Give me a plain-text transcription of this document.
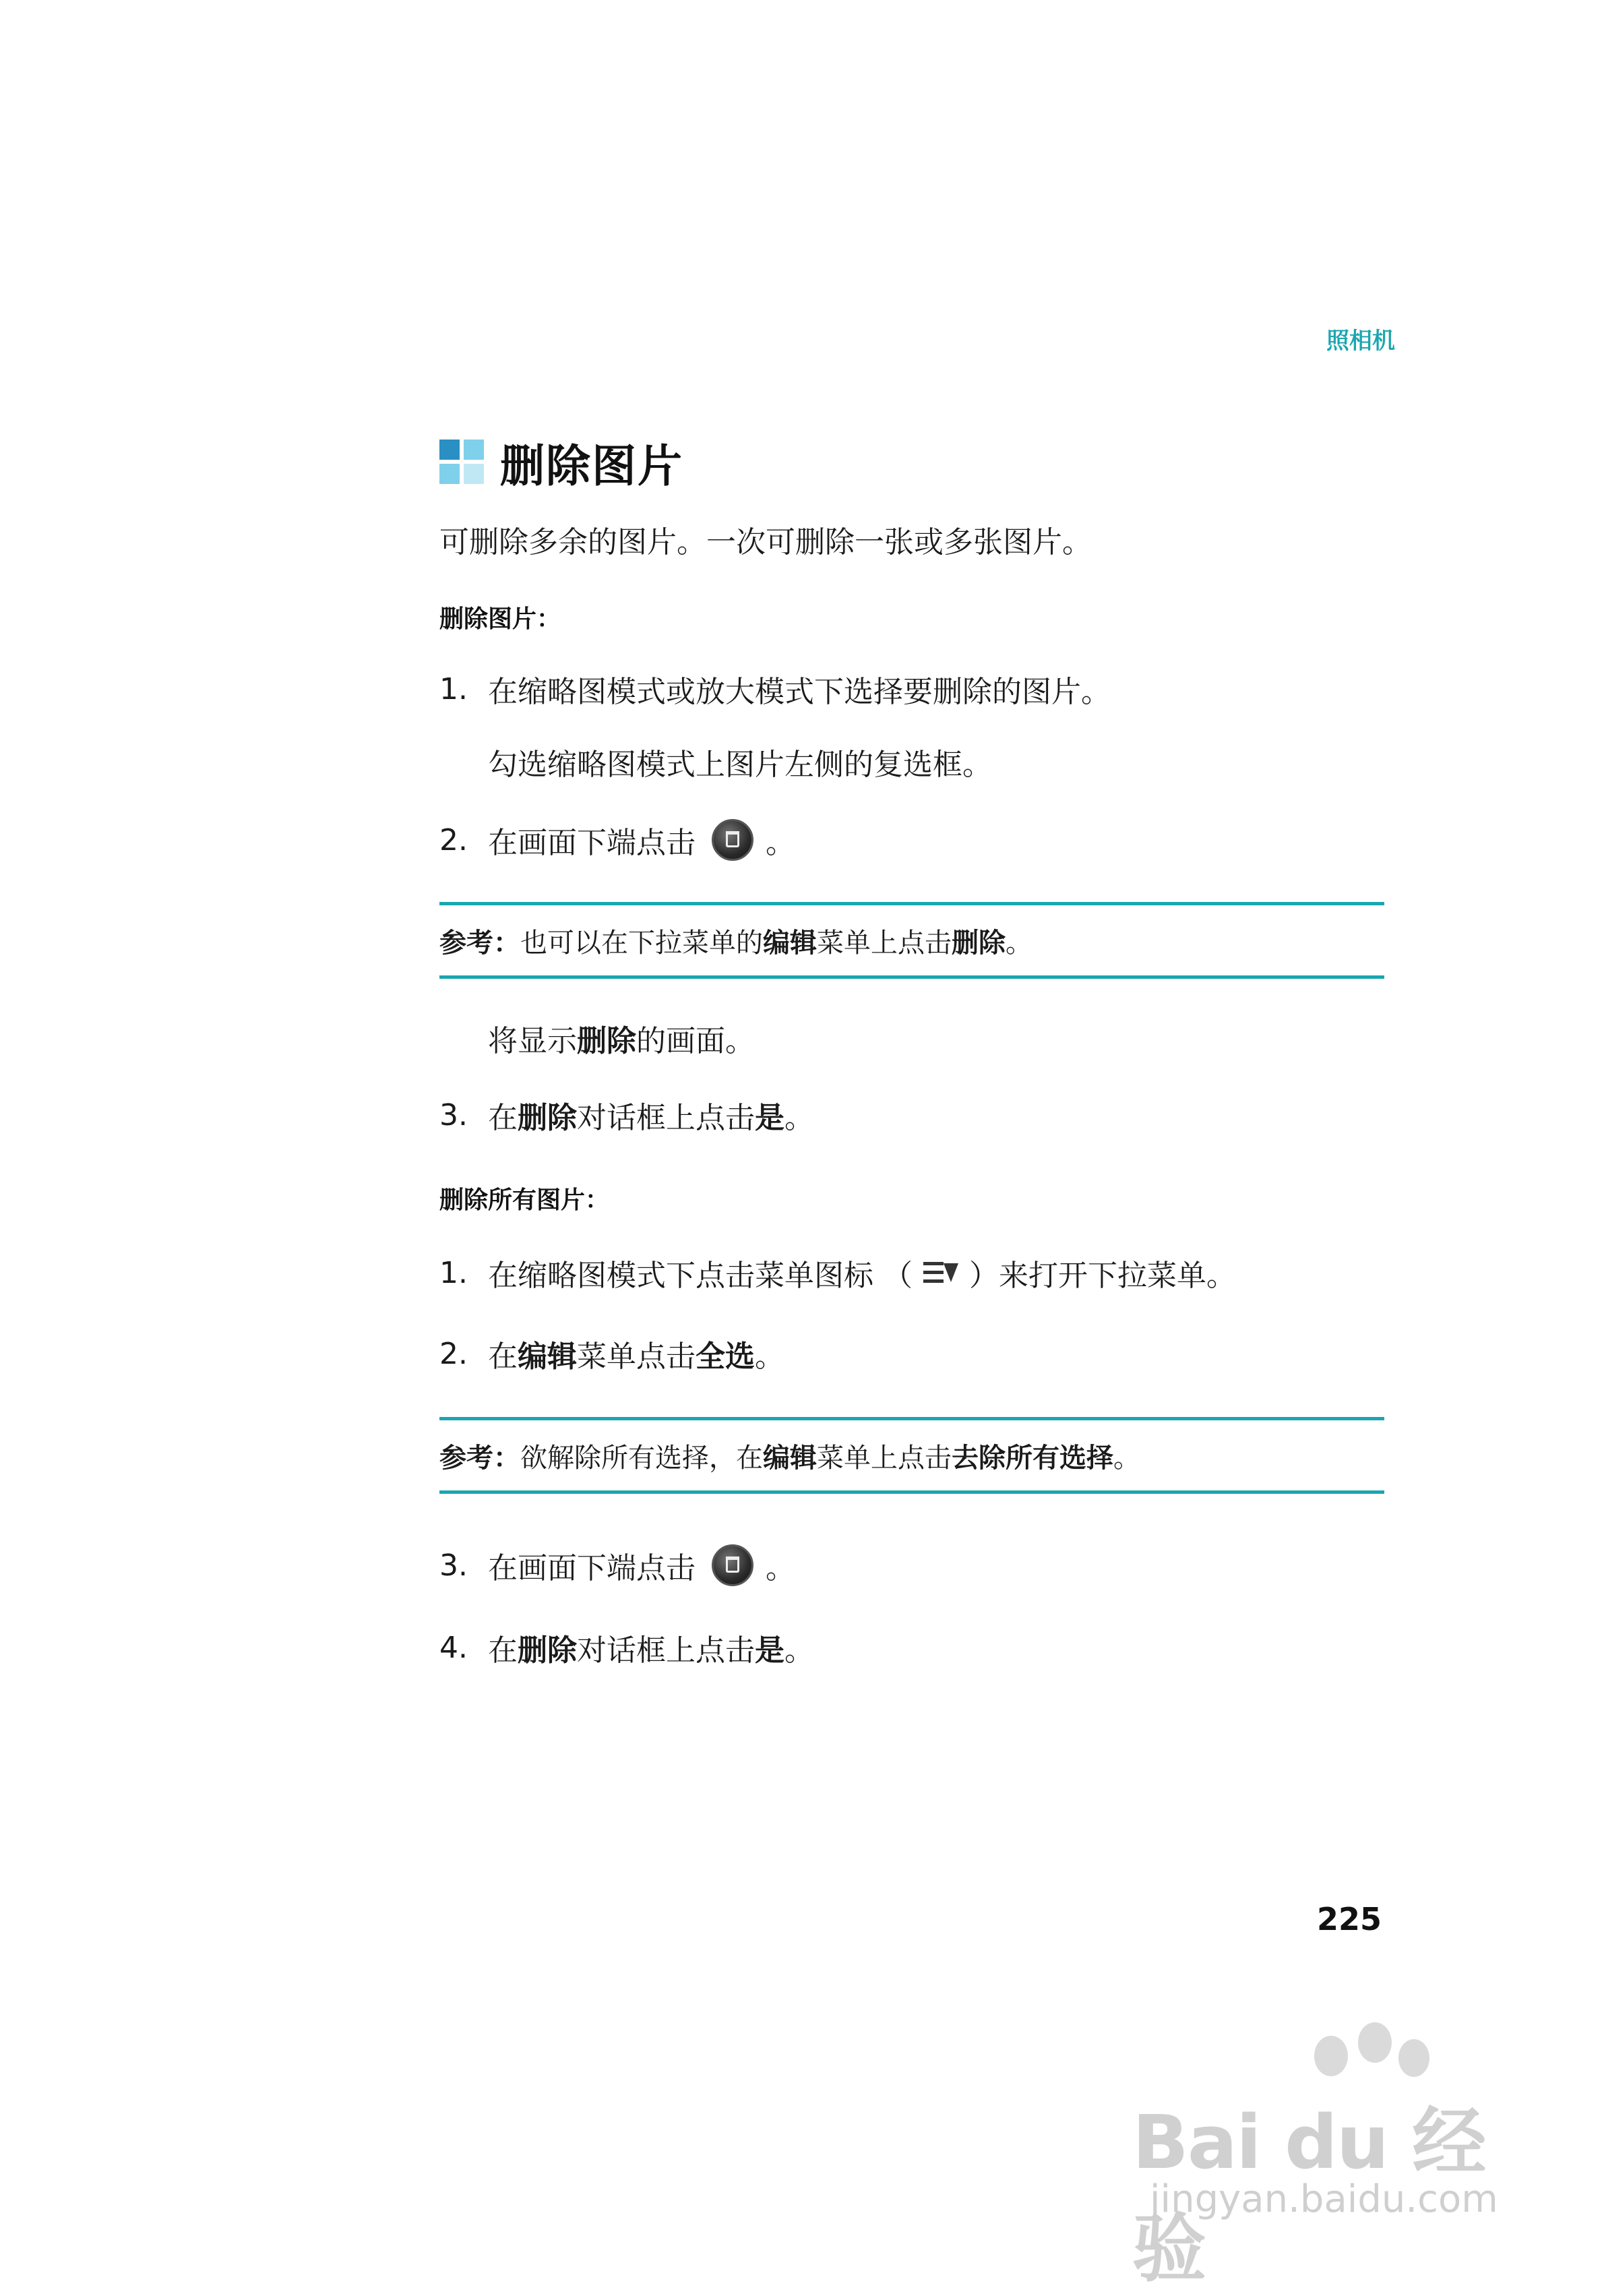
照相机
删除图片
可删除多余的图片。一次可删除一张或多张图片。
删除图片：
1. 在缩略图模式或放大模式下选择要删除的图片。
勾选缩略图模式上图片左侧的复选框。
2. 在画面下端点击 。
参考： 也可以在下拉菜单的 编辑 菜单上点击 删除 。
将显示删除的画面。
3. 在 删除 对话框上点击 是 。
删除所有图片：
1. 在缩略图模式下点击菜单图标 （ ）来打开下拉菜单。
2. 在 编辑 菜单点击 全选 。
参考： 欲解除所有选择，在 编辑 菜单上点击 去除所有选择 。
3. 在画面下端点击 。
4. 在 删除 对话框上点击 是 。
225
Bai du 经验
jingyan.baidu.com
